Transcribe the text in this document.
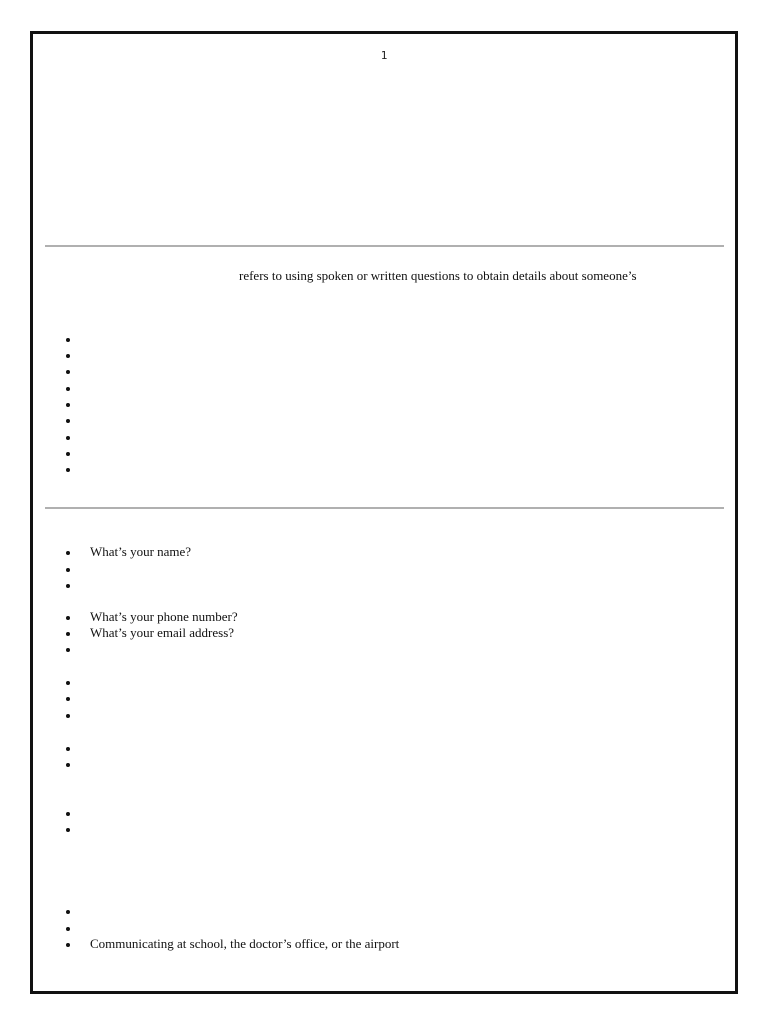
1
refers to using spoken or written questions to obtain details about someone’s
What’s your name?
What’s your phone number?
What’s your email address?
Communicating at school, the doctor’s office, or the airport
